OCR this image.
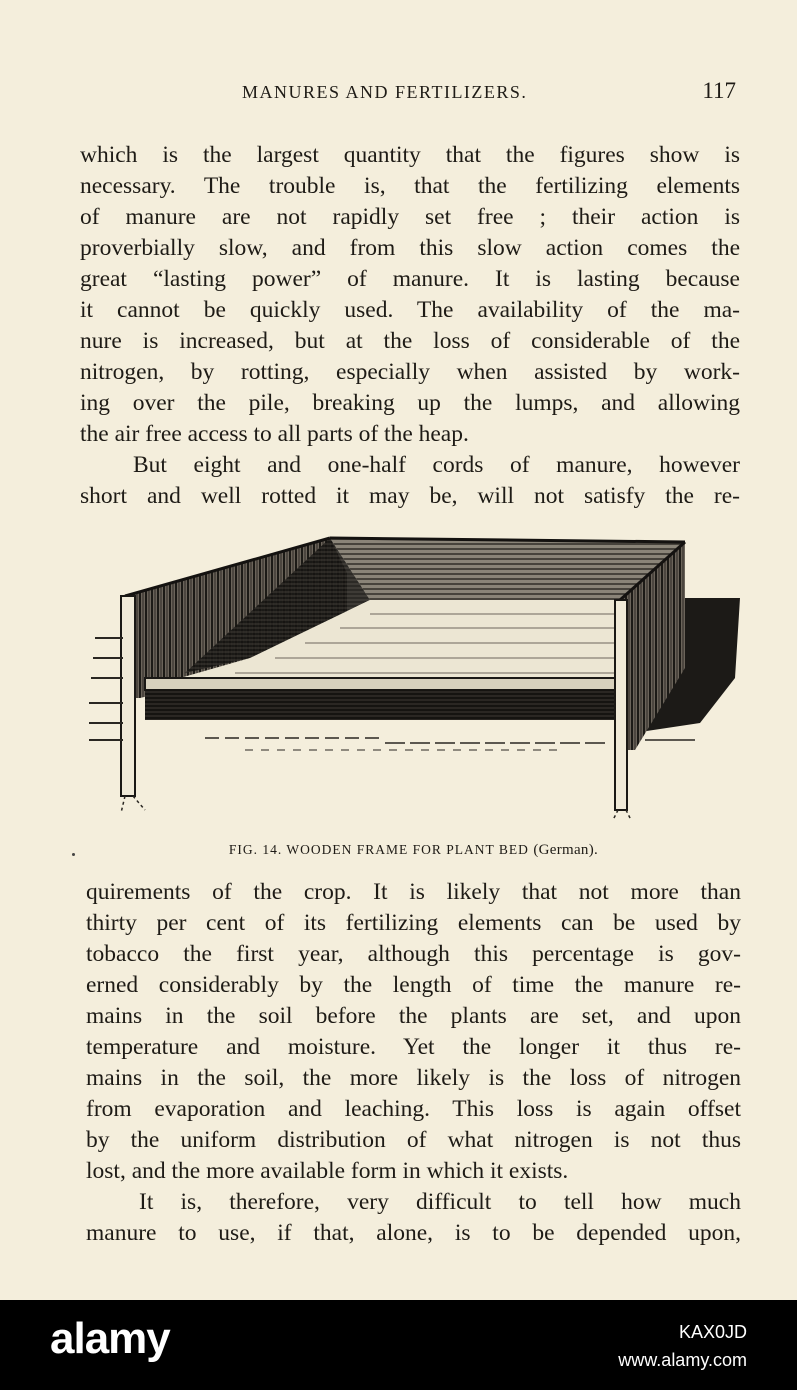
MANURES AND FERTILIZERS.	117
which is the largest quantity that the figures show is
necessary. The trouble is, that the fertilizing elements
of manure are not rapidly set free ; their action is
proverbially slow, and from this slow action comes the
great “lasting power” of manure. It is lasting because
it cannot be quickly used. The availability of the ma-
nure is increased, but at the loss of considerable of the
nitrogen, by rotting, especially when assisted by work-
ing over the pile, breaking up the lumps, and allowing
the air free access to all parts of the heap.
But eight and one-half cords of manure, however
short and well rotted it may be, will not satisfy the re-
FIG. 14. WOODEN FRAME FOR PLANT BED (German).
quirements of the crop. It is likely that not more than
thirty per cent of its fertilizing elements can be used by
tobacco the first year, although this percentage is gov-
erned considerably by the length of time the manure re-
mains in the soil before the plants are set, and upon
temperature and moisture. Yet the longer it thus re-
mains in the soil, the more likely is the loss of nitrogen
from evaporation and leaching. This loss is again offset
by the uniform distribution of what nitrogen is not thus
lost, and the more available form in which it exists.
It is, therefore, very difficult to tell how much
manure to use, if that, alone, is to be depended upon,
alamy	KAX0JD
www.alamy.com
